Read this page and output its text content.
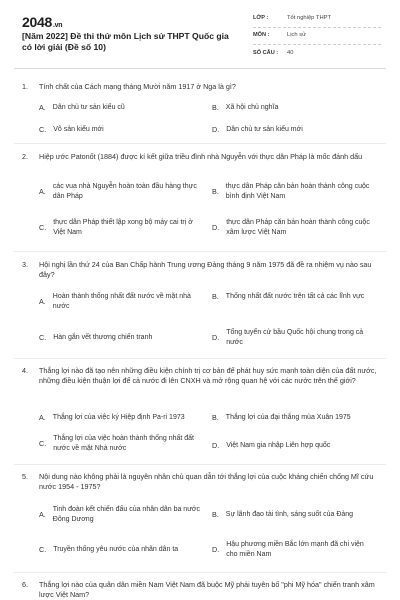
2048.vn
[Năm 2022] Đề thi thử môn Lịch sử THPT Quốc gia có lời giải (Đề số 10)
LỚP :	Tốt nghiệp THPT
MÔN :	Lịch sử
SỐ CÂU :	40
1. Tính chất của Cách mạng tháng Mười năm 1917 ở Nga là gì?
A. Dân chủ tư sản kiểu cũ	B. Xã hội chủ nghĩa
C. Vô sản kiểu mới	D. Dân chủ tư sản kiểu mới
2. Hiệp ước Patonốt (1884) được kí kết giữa triều đình nhà Nguyễn với thực dân Pháp là mốc đánh dấu
A.
các vua nhà Nguyễn hoàn toàn đầu hàng thực dân Pháp
B.
thực dân Pháp căn bản hoàn thành công cuộc bình định Việt Nam
C.
thực dân Pháp thiết lập xong bộ máy cai trị ở Việt Nam
D.
thực dân Pháp căn bản hoàn thành công cuộc xâm lược Việt Nam
3. Hội nghị lần thứ 24 của Ban Chấp hành Trung ương Đảng tháng 9 năm 1975 đã đề ra nhiệm vụ nào sau đây?
A.
Hoàn thành thống nhất đất nước về mặt nhà nước
B. Thống nhất đất nước trên tất cả các lĩnh vực
C. Hàn gắn vết thương chiến tranh	D.
Tổng tuyển cử bầu Quốc hội chung trong cả nước
4. Thắng lợi nào đã tạo nên những điều kiện chính trị cơ bản để phát huy sức mạnh toàn diện của đất nước, những điều kiện thuận lợi để cả nước đi lên CNXH và mở rộng quan hệ với các nước trên thế giới?
A. Thắng lợi của việc ký Hiệp định Pa-ri 1973	B. Thắng lợi của đại thắng mùa Xuân 1975
C.
Thắng lợi của việc hoàn thành thống nhất đất nước về mặt Nhà nước	D. Việt Nam gia nhập Liên hợp quốc
5. Nội dung nào không phải là nguyên nhân chủ quan dẫn tới thắng lợi của cuộc kháng chiến chống Mĩ cứu nước 1954 - 1975?
A.
Tinh đoàn kết chiến đấu của nhân dân ba nước Đông Dương
B. Sự lãnh đạo tài tình, sáng suốt của Đảng
C. Truyền thống yêu nước của nhân dân ta	D.
Hậu phương miền Bắc lớn mạnh đã chi viện cho miền Nam
6. Thắng lợi nào của quân dân miền Nam Việt Nam đã buộc Mỹ phải tuyên bố "phi Mỹ hóa" chiến tranh xâm lược Việt Nam?
